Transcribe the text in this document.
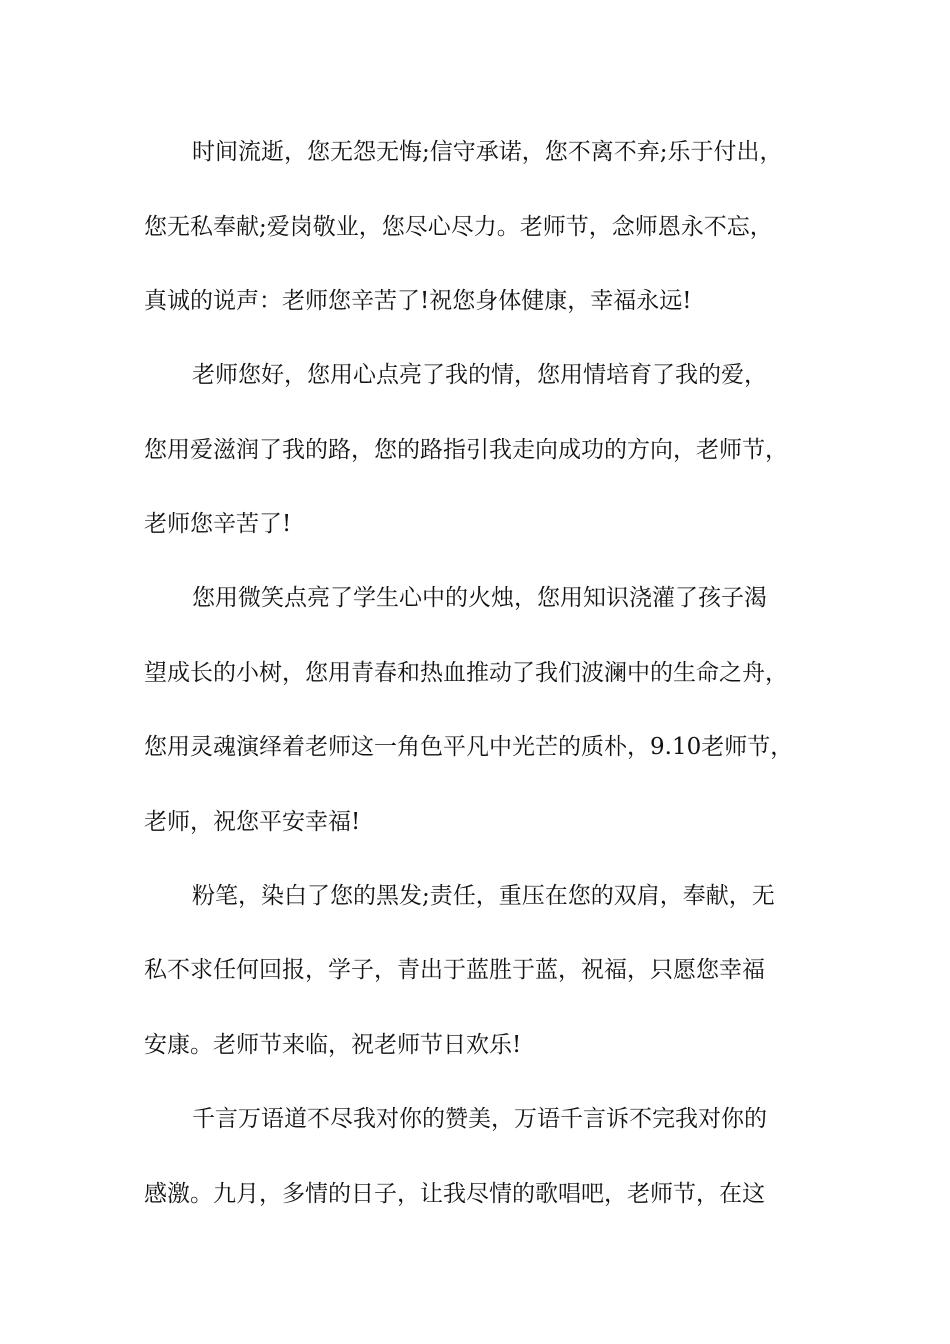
时间流逝，您无怨无悔;信守承诺，您不离不弃;乐于付出，
您无私奉献;爱岗敬业，您尽心尽力。老师节，念师恩永不忘，
真诚的说声：老师您辛苦了!祝您身体健康，幸福永远!
老师您好，您用心点亮了我的情，您用情培育了我的爱，
您用爱滋润了我的路，您的路指引我走向成功的方向，老师节，
老师您辛苦了!
您用微笑点亮了学生心中的火烛，您用知识浇灌了孩子渴
望成长的小树，您用青春和热血推动了我们波澜中的生命之舟，
您用灵魂演绎着老师这一角色平凡中光芒的质朴，9.10老师节，
老师，祝您平安幸福!
粉笔，染白了您的黑发;责任，重压在您的双肩，奉献，无
私不求任何回报，学子，青出于蓝胜于蓝，祝福，只愿您幸福
安康。老师节来临，祝老师节日欢乐!
千言万语道不尽我对你的赞美，万语千言诉不完我对你的
感激。九月，多情的日子，让我尽情的歌唱吧，老师节，在这
